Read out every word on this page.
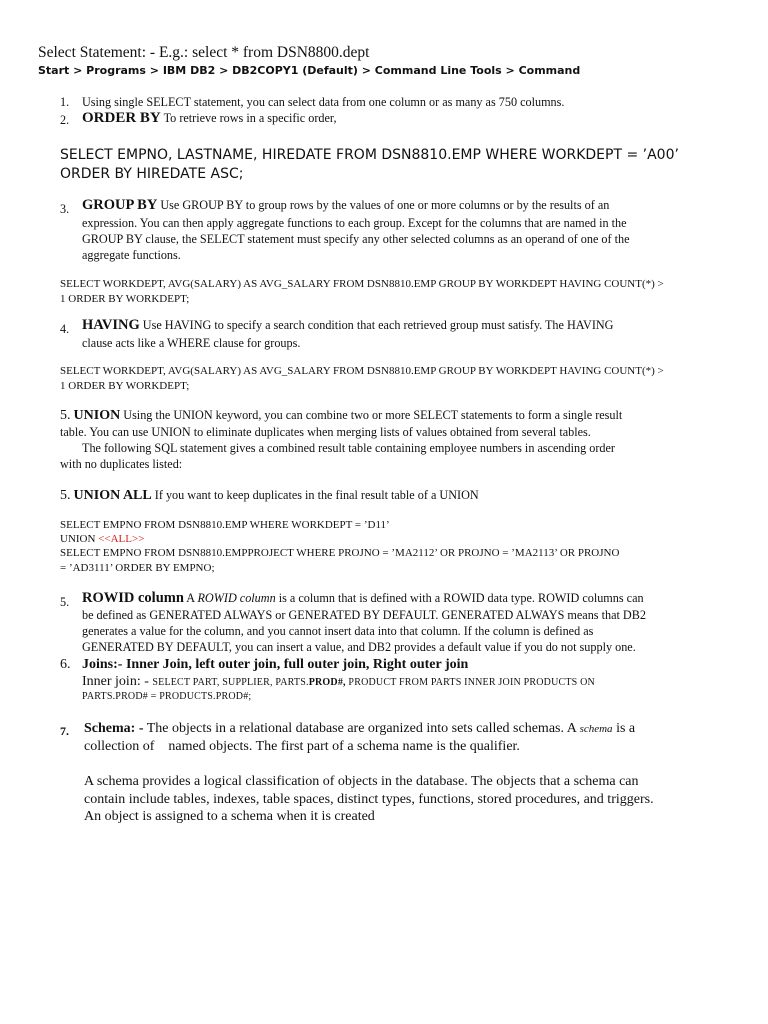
Select Statement: - E.g.: select * from DSN8800.dept
Start > Programs > IBM DB2 > DB2COPY1 (Default) > Command Line Tools > Command
1. Using single SELECT statement, you can select data from one column or as many as 750 columns.
2. ORDER BY To retrieve rows in a specific order,
SELECT EMPNO, LASTNAME, HIREDATE FROM DSN8810.EMP WHERE WORKDEPT = ’A00’
ORDER BY HIREDATE ASC;
3. GROUP BY Use GROUP BY to group rows by the values of one or more columns or by the results of an
expression. You can then apply aggregate functions to each group. Except for the columns that are named in the
GROUP BY clause, the SELECT statement must specify any other selected columns as an operand of one of the
aggregate functions.
SELECT WORKDEPT, AVG(SALARY) AS AVG_SALARY FROM DSN8810.EMP GROUP BY WORKDEPT HAVING COUNT(*) >
1 ORDER BY WORKDEPT;
4. HAVING Use HAVING to specify a search condition that each retrieved group must satisfy. The HAVING
clause acts like a WHERE clause for groups.
SELECT WORKDEPT, AVG(SALARY) AS AVG_SALARY FROM DSN8810.EMP GROUP BY WORKDEPT HAVING COUNT(*) >
1 ORDER BY WORKDEPT;
5. UNION Using the UNION keyword, you can combine two or more SELECT statements to form a single result
table. You can use UNION to eliminate duplicates when merging lists of values obtained from several tables.
The following SQL statement gives a combined result table containing employee numbers in ascending order
with no duplicates listed:
5. UNION ALL If you want to keep duplicates in the final result table of a UNION
SELECT EMPNO FROM DSN8810.EMP WHERE WORKDEPT = ’D11’
UNION <<ALL>>
SELECT EMPNO FROM DSN8810.EMPPROJECT WHERE PROJNO = ’MA2112’ OR PROJNO = ’MA2113’ OR PROJNO
= ’AD3111’ ORDER BY EMPNO;
5. ROWID column A ROWID column is a column that is defined with a ROWID data type. ROWID columns can
be defined as GENERATED ALWAYS or GENERATED BY DEFAULT. GENERATED ALWAYS means that DB2
generates a value for the column, and you cannot insert data into that column. If the column is defined as
GENERATED BY DEFAULT, you can insert a value, and DB2 provides a default value if you do not supply one.
6. Joins:- Inner Join, left outer join, full outer join, Right outer join
Inner join: - SELECT PART, SUPPLIER, PARTS.PROD#, PRODUCT FROM PARTS INNER JOIN PRODUCTS ON
PARTS.PROD# = PRODUCTS.PROD#;
7. Schema: - The objects in a relational database are organized into sets called schemas. A schema is a
collection of    named objects. The first part of a schema name is the qualifier.
A schema provides a logical classification of objects in the database. The objects that a schema can
contain include tables, indexes, table spaces, distinct types, functions, stored procedures, and triggers.
An object is assigned to a schema when it is created
